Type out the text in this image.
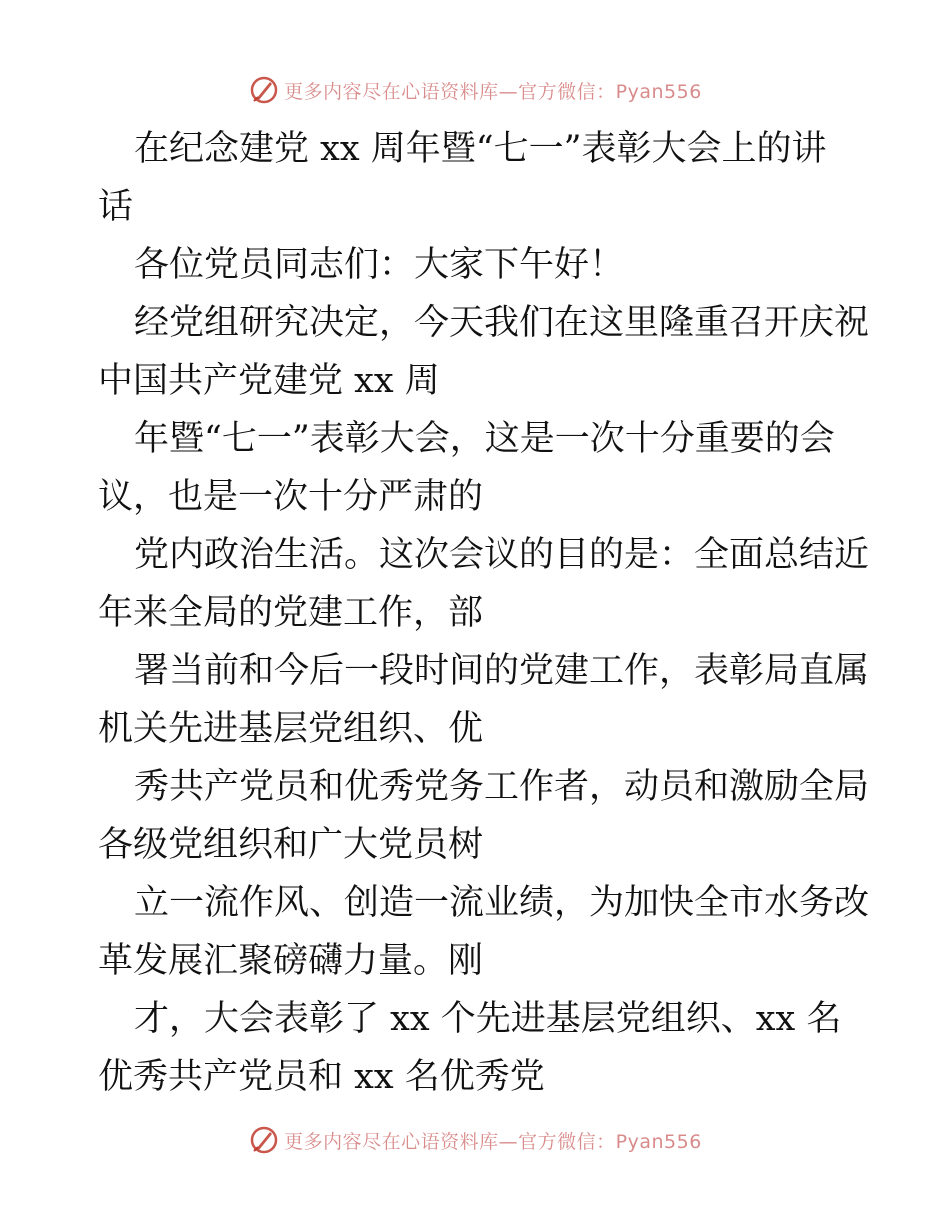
更多内容尽在心语资料库—官方微信：Pyan556
在纪念建党 xx 周年暨“七一”表彰大会上的讲
话
各位党员同志们：大家下午好！
经党组研究决定，今天我们在这里隆重召开庆祝
中国共产党建党 xx 周
年暨“七一”表彰大会，这是一次十分重要的会
议，也是一次十分严肃的
党内政治生活。这次会议的目的是：全面总结近
年来全局的党建工作，部
署当前和今后一段时间的党建工作，表彰局直属
机关先进基层党组织、优
秀共产党员和优秀党务工作者，动员和激励全局
各级党组织和广大党员树
立一流作风、创造一流业绩，为加快全市水务改
革发展汇聚磅礴力量。刚
才，大会表彰了 xx 个先进基层党组织、xx 名
优秀共产党员和 xx 名优秀党
更多内容尽在心语资料库—官方微信：Pyan556
